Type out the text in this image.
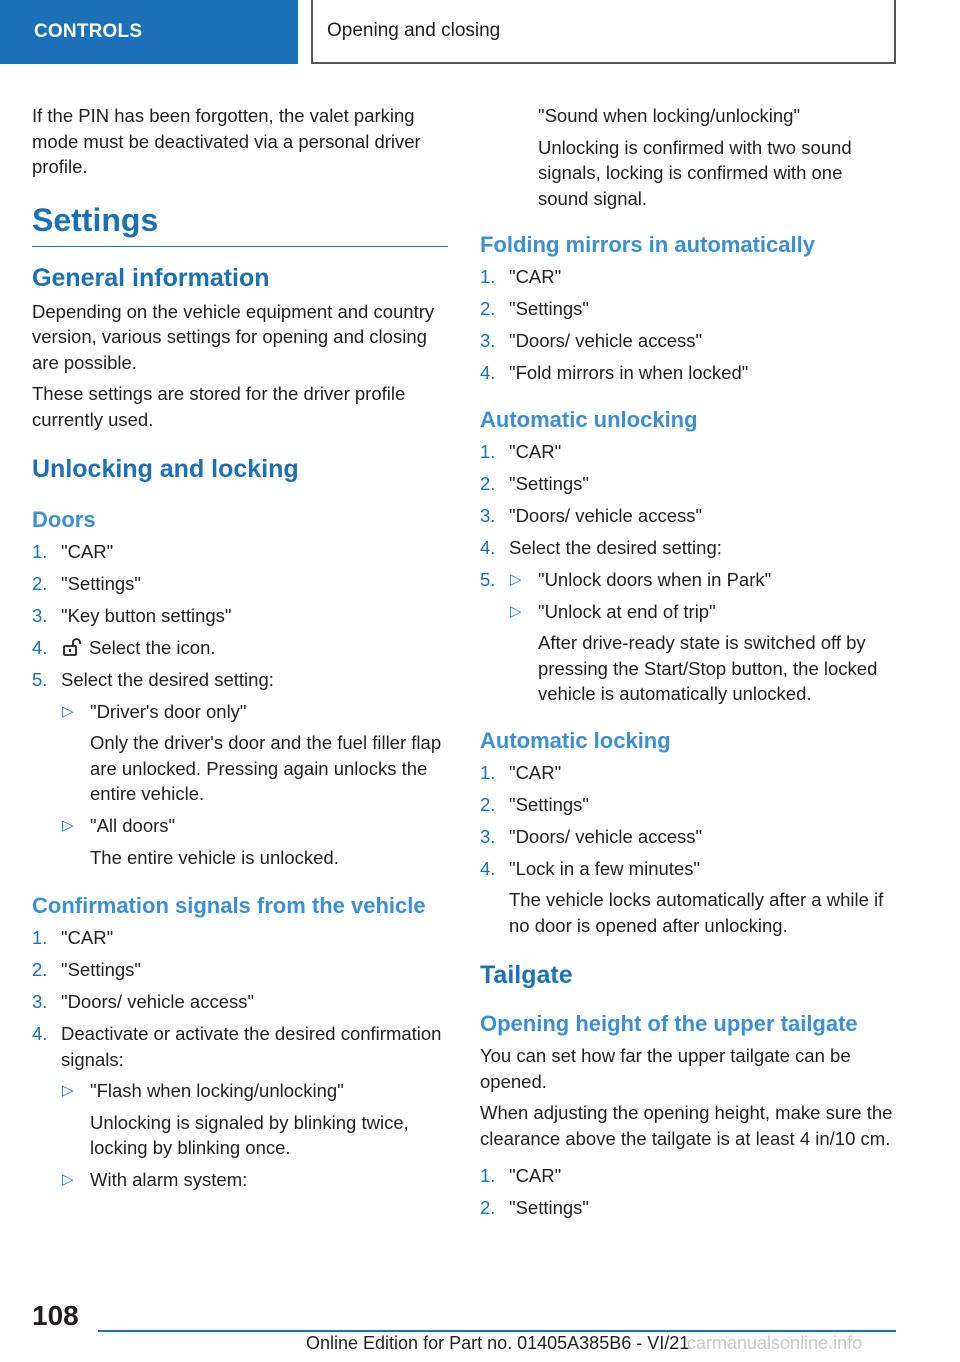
CONTROLS	Opening and closing

If the PIN has been forgotten, the valet parking mode must be deactivated via a personal driver profile.

Settings
General information

Depending on the vehicle equipment and country version, various settings for opening and closing are possible.

These settings are stored for the driver profile currently used.

Unlocking and locking
Doors
1. "CAR"
2. "Settings"
3. "Key button settings"
4. Select the icon.
5. Select the desired setting:
▷ "Driver's door only"
Only the driver's door and the fuel filler flap are unlocked. Pressing again unlocks the entire vehicle.
▷ "All doors"
The entire vehicle is unlocked.
Confirmation signals from the vehicle
1. "CAR"
2. "Settings"
3. "Doors/ vehicle access"
4. Deactivate or activate the desired confirmation signals:
▷ "Flash when locking/unlocking"
Unlocking is signaled by blinking twice, locking by blinking once.
▷ With alarm system:
"Sound when locking/unlocking"
Unlocking is confirmed with two sound signals, locking is confirmed with one sound signal.
Folding mirrors in automatically
1. "CAR"
2. "Settings"
3. "Doors/ vehicle access"
4. "Fold mirrors in when locked"
Automatic unlocking
1. "CAR"
2. "Settings"
3. "Doors/ vehicle access"
4. Select the desired setting:
5. ▷ "Unlock doors when in Park"
▷ "Unlock at end of trip"
After drive-ready state is switched off by pressing the Start/Stop button, the locked vehicle is automatically unlocked.
Automatic locking
1. "CAR"
2. "Settings"
3. "Doors/ vehicle access"
4. "Lock in a few minutes"
The vehicle locks automatically after a while if no door is opened after unlocking.
Tailgate
Opening height of the upper tailgate

You can set how far the upper tailgate can be opened.

When adjusting the opening height, make sure the clearance above the tailgate is at least 4 in/10 cm.

1. "CAR"
2. "Settings"
108
Online Edition for Part no. 01405A385B6 - VI/21
carmanualsonline.info
